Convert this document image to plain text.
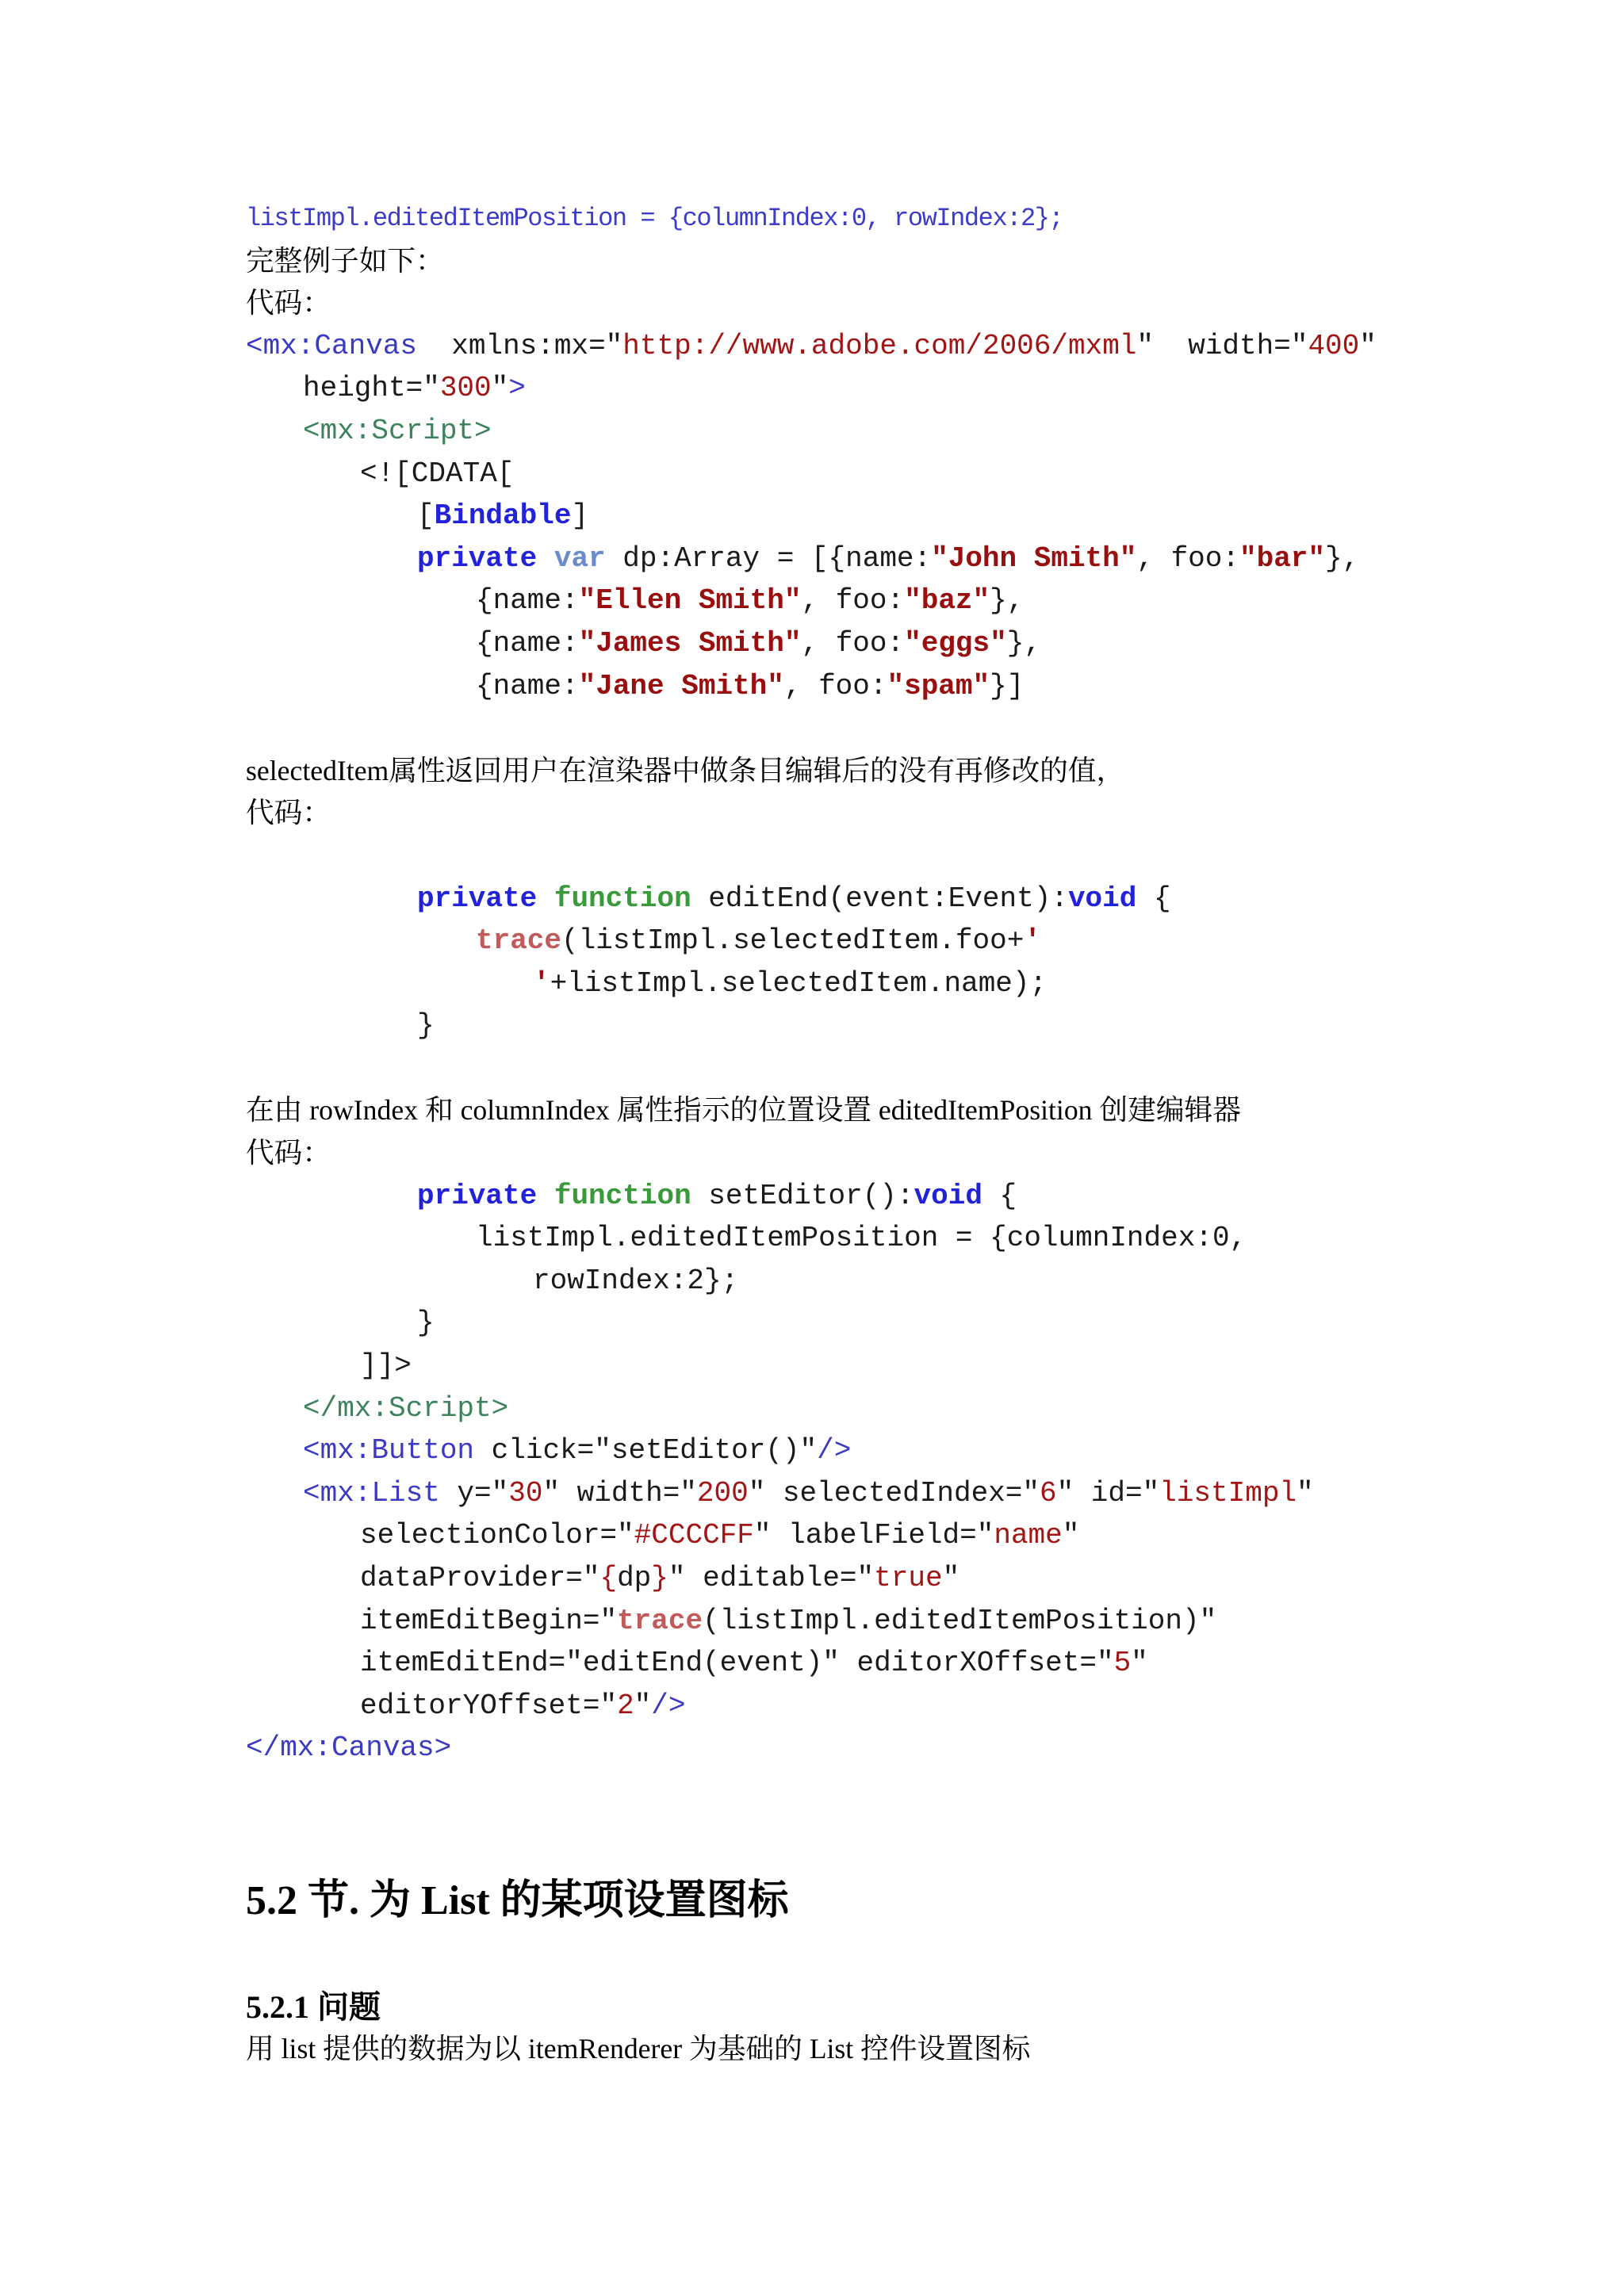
listImpl.editedItemPosition = {columnIndex:0, rowIndex:2};
完整例子如下：
代码：
<mx:Canvas xmlns:mx=" http://www.adobe.com/2006/mxml "  width=" 400 "
height=" 300 " >
<mx:Script>
<![CDATA[
[ Bindable ]
private
var dp:Array = [{name: "John Smith" , foo: "bar" },
{name: "Ellen Smith" , foo: "baz" },
{name: "James Smith" , foo: "eggs" },
{name: "Jane Smith" , foo: "spam" }]
selectedItem属性返回用户在渲染器中做条目编辑后的没有再修改的值，
代码：
private
function editEnd(event:Event): void {
trace (listImpl.selectedItem.foo+ '
' +listImpl.selectedItem.name);
}
在由 rowIndex 和 columnIndex 属性指示的位置设置 editedItemPosition 创建编辑器
代码：
private
function setEditor(): void {
listImpl.editedItemPosition = {columnIndex:0,
rowIndex:2};
}
]]>
</mx:Script>
<mx:Button click="setEditor()" />
<mx:List y=" 30 " width=" 200 " selectedIndex=" 6 " id=" listImpl "
selectionColor=" #CCCCFF " labelField=" name "
dataProvider=" { dp } " editable=" true "
itemEditBegin=" trace (listImpl.editedItemPosition)"
itemEditEnd="editEnd(event)" editorXOffset=" 5 "
editorYOffset=" 2 " />
</mx:Canvas>
5.2 节. 为 List 的某项设置图标
5.2.1 问题
用 list 提供的数据为以 itemRenderer 为基础的 List 控件设置图标
